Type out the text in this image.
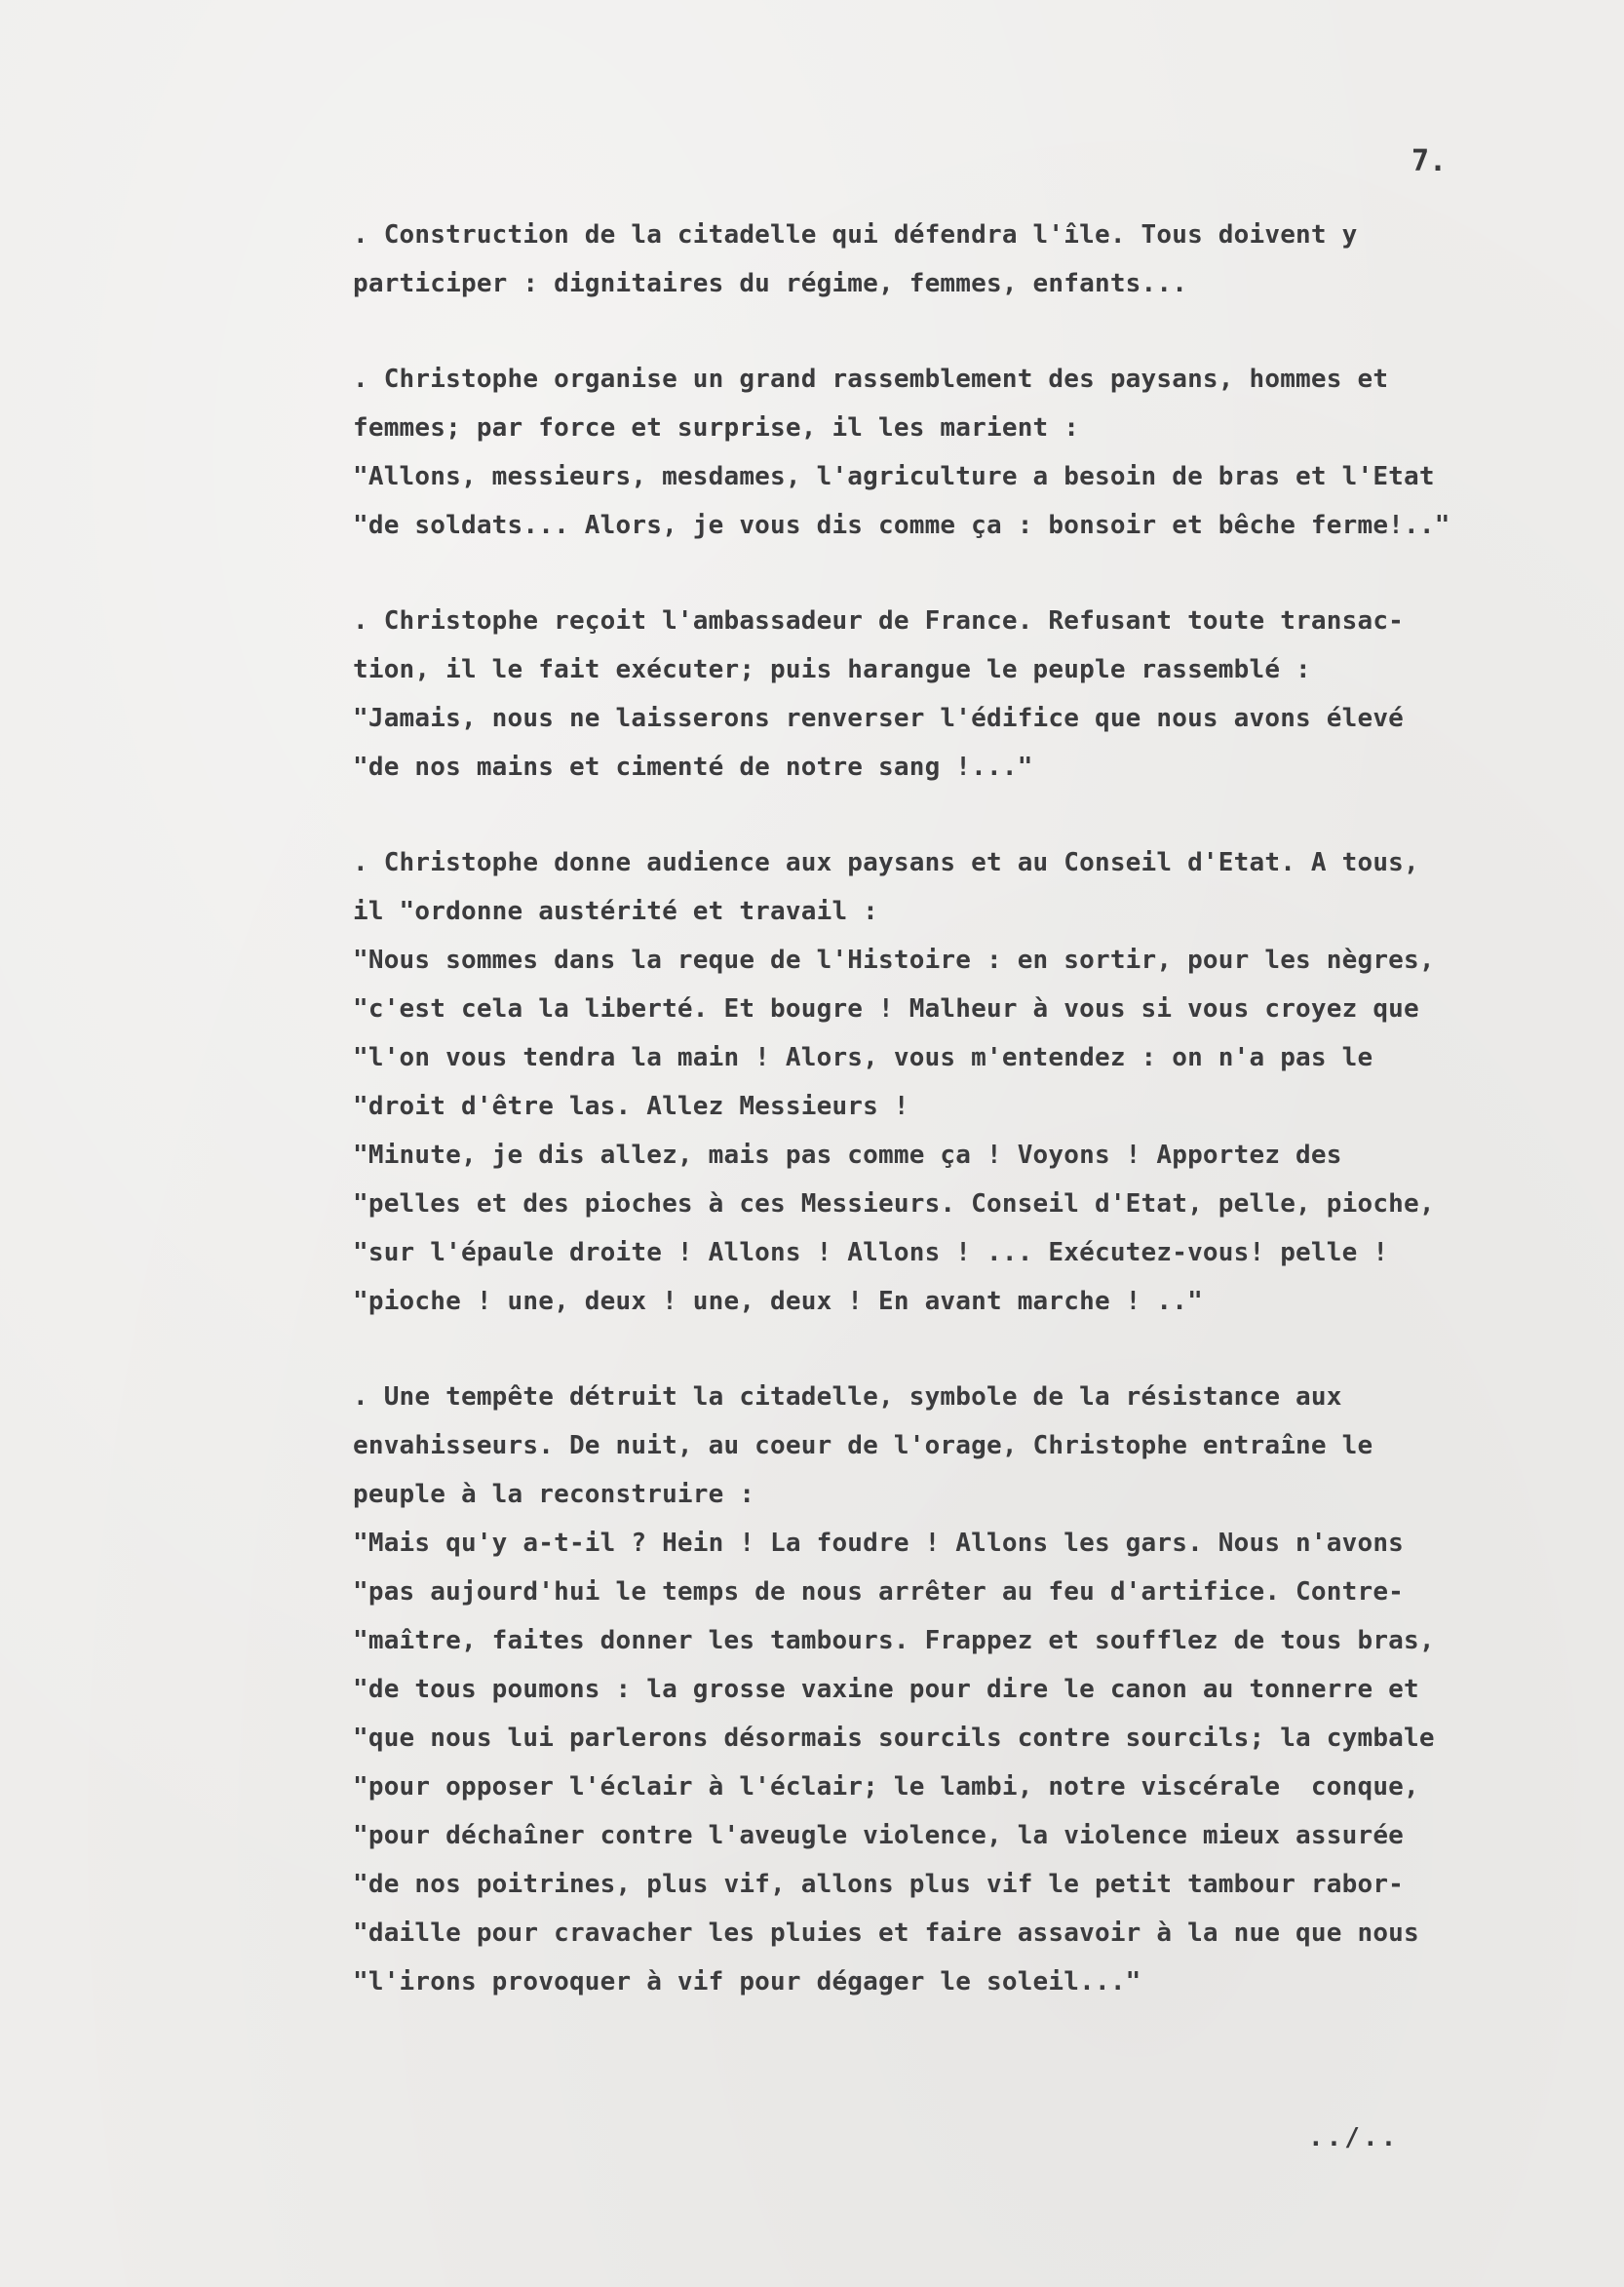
7.
. Construction de la citadelle qui défendra l'île. Tous doivent y
participer : dignitaires du régime, femmes, enfants...
. Christophe organise un grand rassemblement des paysans, hommes et
femmes; par force et surprise, il les marient :
"Allons, messieurs, mesdames, l'agriculture a besoin de bras et l'Etat
"de soldats... Alors, je vous dis comme ça : bonsoir et bêche ferme!.."
. Christophe reçoit l'ambassadeur de France. Refusant toute transac-
tion, il le fait exécuter; puis harangue le peuple rassemblé :
"Jamais, nous ne laisserons renverser l'édifice que nous avons élevé
"de nos mains et cimenté de notre sang !..."
. Christophe donne audience aux paysans et au Conseil d'Etat. A tous,
il "ordonne austérité et travail :
"Nous sommes dans la reque de l'Histoire : en sortir, pour les nègres,
"c'est cela la liberté. Et bougre ! Malheur à vous si vous croyez que
"l'on vous tendra la main ! Alors, vous m'entendez : on n'a pas le
"droit d'être las. Allez Messieurs !
"Minute, je dis allez, mais pas comme ça ! Voyons ! Apportez des
"pelles et des pioches à ces Messieurs. Conseil d'Etat, pelle, pioche,
"sur l'épaule droite ! Allons ! Allons ! ... Exécutez-vous! pelle !
"pioche ! une, deux ! une, deux ! En avant marche ! .."
. Une tempête détruit la citadelle, symbole de la résistance aux
envahisseurs. De nuit, au coeur de l'orage, Christophe entraîne le
peuple à la reconstruire :
"Mais qu'y a-t-il ? Hein ! La foudre ! Allons les gars. Nous n'avons
"pas aujourd'hui le temps de nous arrêter au feu d'artifice. Contre-
"maître, faites donner les tambours. Frappez et soufflez de tous bras,
"de tous poumons : la grosse vaxine pour dire le canon au tonnerre et
"que nous lui parlerons désormais sourcils contre sourcils; la cymbale
"pour opposer l'éclair à l'éclair; le lambi, notre viscérale  conque,
"pour déchaîner contre l'aveugle violence, la violence mieux assurée
"de nos poitrines, plus vif, allons plus vif le petit tambour rabor-
"daille pour cravacher les pluies et faire assavoir à la nue que nous
"l'irons provoquer à vif pour dégager le soleil..."
../..
